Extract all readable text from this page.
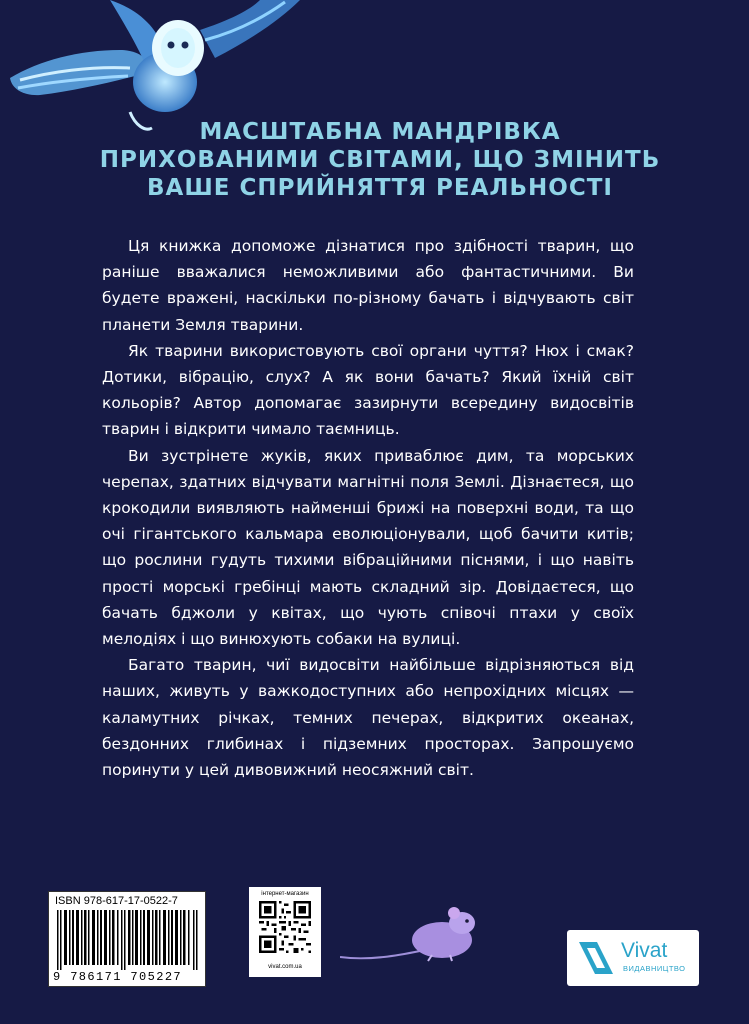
МАСШТАБНА МАНДРІВКА
ПРИХОВАНИМИ СВІТАМИ, ЩО ЗМІНИТЬ
ВАШЕ СПРИЙНЯТТЯ РЕАЛЬНОСТІ

Ця книжка допоможе дізнатися про здібності тварин, що раніше вважалися неможливими або фантастичними. Ви будете вражені, наскільки по-різному бачать і відчувають світ планети Земля тварини.

Як тварини використовують свої органи чуття? Нюх і смак? Дотики, вібрацію, слух? А як вони бачать? Який їхній світ кольорів? Автор допомагає зазирнути всередину видосвітів тварин і відкрити чимало таємниць.

Ви зустрінете жуків, яких приваблює дим, та морських черепах, здатних відчувати магнітні поля Землі. Дізнаєтеся, що крокодили виявляють найменші брижі на поверхні води, та що очі гігантського кальмара еволюціонували, щоб бачити китів; що рослини гудуть тихими вібраційними піснями, і що навіть прості морські гребінці мають складний зір. Довідаєтеся, що бачать бджоли у квітах, що чують співочі птахи у своїх мелодіях і що винюхують собаки на вулиці.

Багато тварин, чиї видосвіти найбільше відрізняються від наших, живуть у важкодоступних або непрохідних місцях — каламутних річках, темних печерах, відкритих океанах, бездонних глибинах і підземних просторах. Запрошуємо поринути у цей дивовижний неосяжний світ.

ISBN 978-617-17-0522-7
9 786171 705227
інтернет-магазин
vivat.com.ua
Vivat
ВИДАВНИЦТВО
